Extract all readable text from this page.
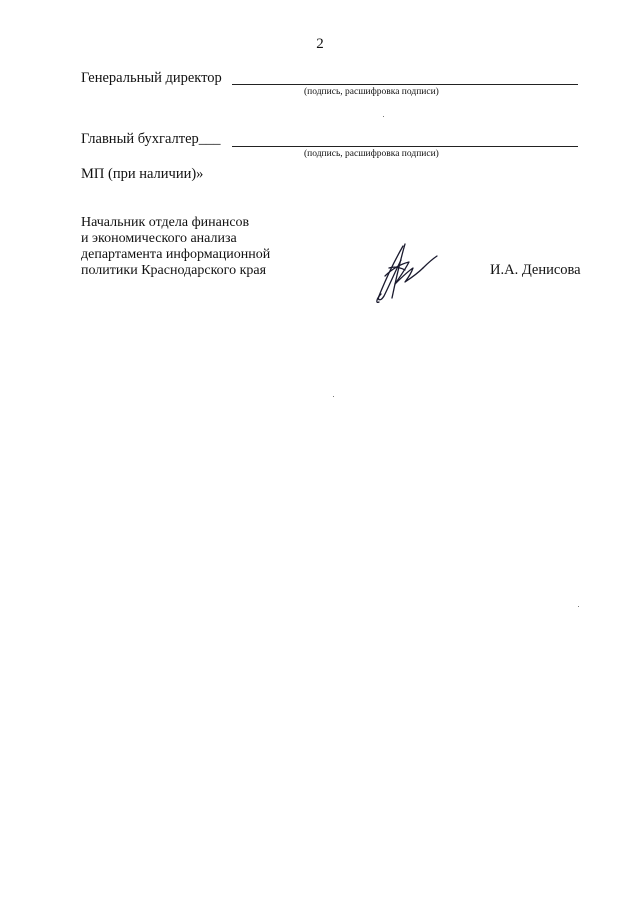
2
Генеральный директор
(подпись, расшифровка подписи)
Главный бухгалтер___
(подпись, расшифровка подписи)
МП (при наличии)»
Начальник отдела финансов
и экономического анализа
департамента информационной
политики Краснодарского края	И.А. Денисова
